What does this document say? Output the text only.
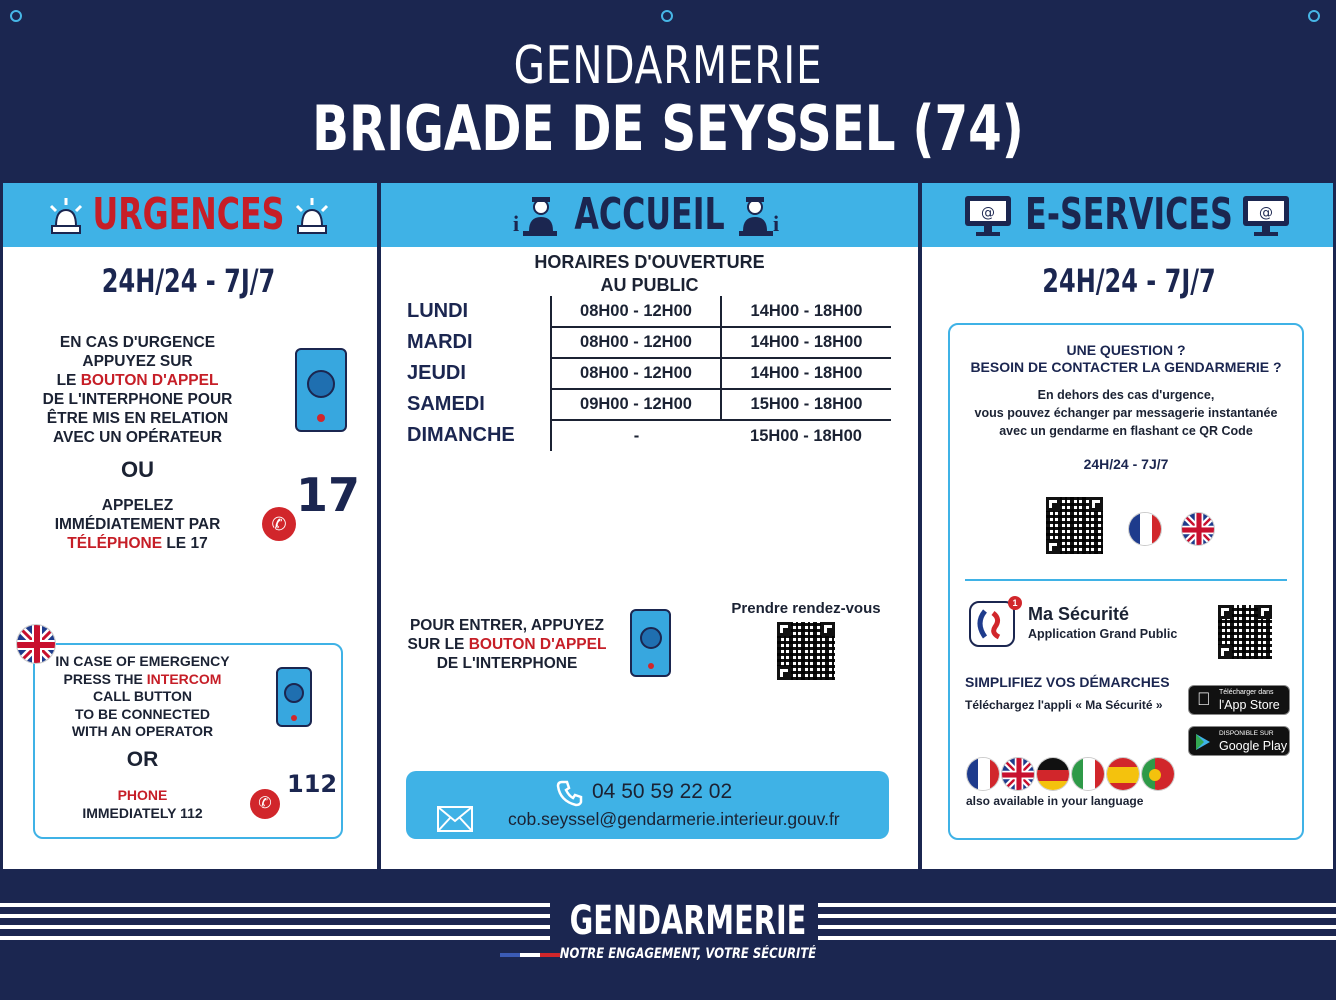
GENDARMERIE
BRIGADE DE SEYSSEL (74)
URGENCES	i	ACCUEIL	i	@ E-SERVICES	@
24H/24 - 7J/7
EN CAS D'URGENCE
APPUYEZ SUR
LE BOUTON D'APPEL
DE L'INTERPHONE POUR
ÊTRE MIS EN RELATION
AVEC UN OPÉRATEUR
OU
APPELEZ
IMMÉDIATEMENT PAR
TÉLÉPHONE LE 17
✆
17
IN CASE OF EMERGENCY
PRESS THE INTERCOM
CALL BUTTON
TO BE CONNECTED
WITH AN OPERATOR
OR
PHONE
IMMEDIATELY 112
✆
112
HORAIRES D'OUVERTURE
AU PUBLIC
LUNDI	08H00 - 12H00	14H00 - 18H00
MARDI	08H00 - 12H00	14H00 - 18H00
JEUDI	08H00 - 12H00	14H00 - 18H00
SAMEDI	09H00 - 12H00	15H00 - 18H00
DIMANCHE	-	15H00 - 18H00
POUR ENTRER, APPUYEZ
SUR LE BOUTON D'APPEL
DE L'INTERPHONE
Prendre rendez-vous
04 50 59 22 02
cob.seyssel@gendarmerie.interieur.gouv.fr
24H/24 - 7J/7
UNE QUESTION ?
BESOIN DE CONTACTER LA GENDARMERIE ?
En dehors des cas d'urgence,
vous pouvez échanger par messagerie instantanée
avec un gendarme en flashant ce QR Code
24H/24 - 7J/7
1
Ma Sécurité
Application Grand Public
SIMPLIFIEZ VOS DÉMARCHES
Téléchargez l'appli « Ma Sécurité »
Télécharger dans
l'App Store
DISPONIBLE SUR
Google Play
also available in your language
GENDARMERIE
NOTRE ENGAGEMENT, VOTRE SÉCURITÉ
